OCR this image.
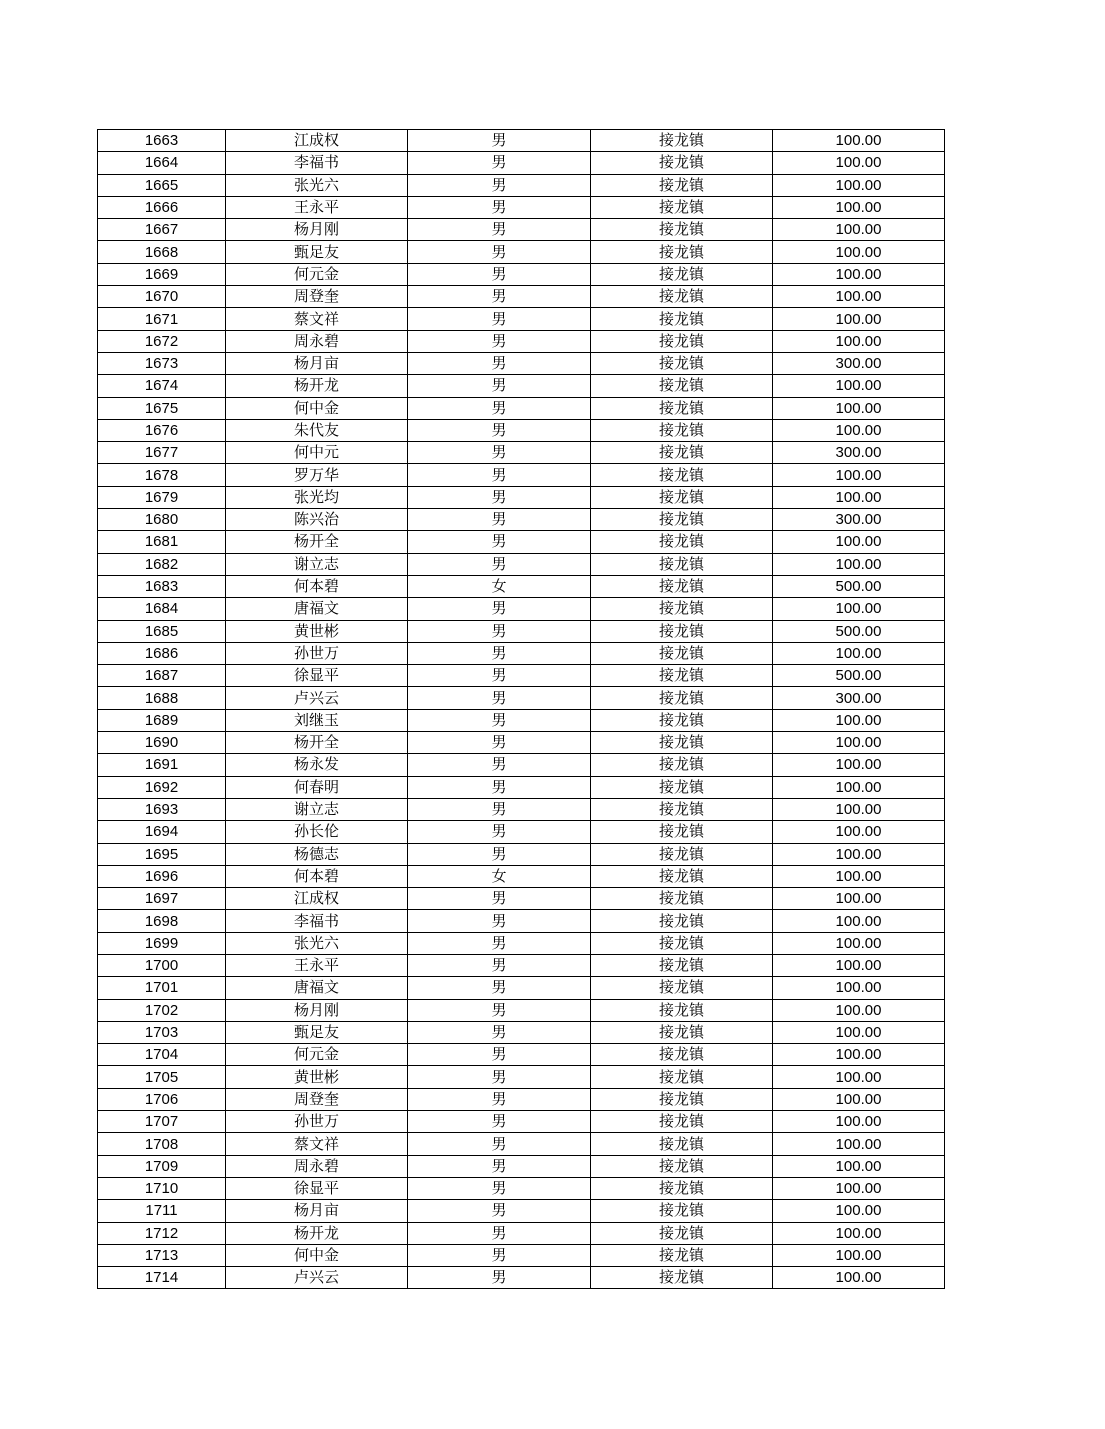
1663	江成权	男	接龙镇	100.00
1664	李福书	男	接龙镇	100.00
1665	张光六	男	接龙镇	100.00
1666	王永平	男	接龙镇	100.00
1667	杨月刚	男	接龙镇	100.00
1668	甄足友	男	接龙镇	100.00
1669	何元金	男	接龙镇	100.00
1670	周登奎	男	接龙镇	100.00
1671	蔡文祥	男	接龙镇	100.00
1672	周永碧	男	接龙镇	100.00
1673	杨月亩	男	接龙镇	300.00
1674	杨开龙	男	接龙镇	100.00
1675	何中金	男	接龙镇	100.00
1676	朱代友	男	接龙镇	100.00
1677	何中元	男	接龙镇	300.00
1678	罗万华	男	接龙镇	100.00
1679	张光均	男	接龙镇	100.00
1680	陈兴治	男	接龙镇	300.00
1681	杨开全	男	接龙镇	100.00
1682	谢立志	男	接龙镇	100.00
1683	何本碧	女	接龙镇	500.00
1684	唐福文	男	接龙镇	100.00
1685	黄世彬	男	接龙镇	500.00
1686	孙世万	男	接龙镇	100.00
1687	徐显平	男	接龙镇	500.00
1688	卢兴云	男	接龙镇	300.00
1689	刘继玉	男	接龙镇	100.00
1690	杨开全	男	接龙镇	100.00
1691	杨永发	男	接龙镇	100.00
1692	何春明	男	接龙镇	100.00
1693	谢立志	男	接龙镇	100.00
1694	孙长伦	男	接龙镇	100.00
1695	杨德志	男	接龙镇	100.00
1696	何本碧	女	接龙镇	100.00
1697	江成权	男	接龙镇	100.00
1698	李福书	男	接龙镇	100.00
1699	张光六	男	接龙镇	100.00
1700	王永平	男	接龙镇	100.00
1701	唐福文	男	接龙镇	100.00
1702	杨月刚	男	接龙镇	100.00
1703	甄足友	男	接龙镇	100.00
1704	何元金	男	接龙镇	100.00
1705	黄世彬	男	接龙镇	100.00
1706	周登奎	男	接龙镇	100.00
1707	孙世万	男	接龙镇	100.00
1708	蔡文祥	男	接龙镇	100.00
1709	周永碧	男	接龙镇	100.00
1710	徐显平	男	接龙镇	100.00
1711	杨月亩	男	接龙镇	100.00
1712	杨开龙	男	接龙镇	100.00
1713	何中金	男	接龙镇	100.00
1714	卢兴云	男	接龙镇	100.00
